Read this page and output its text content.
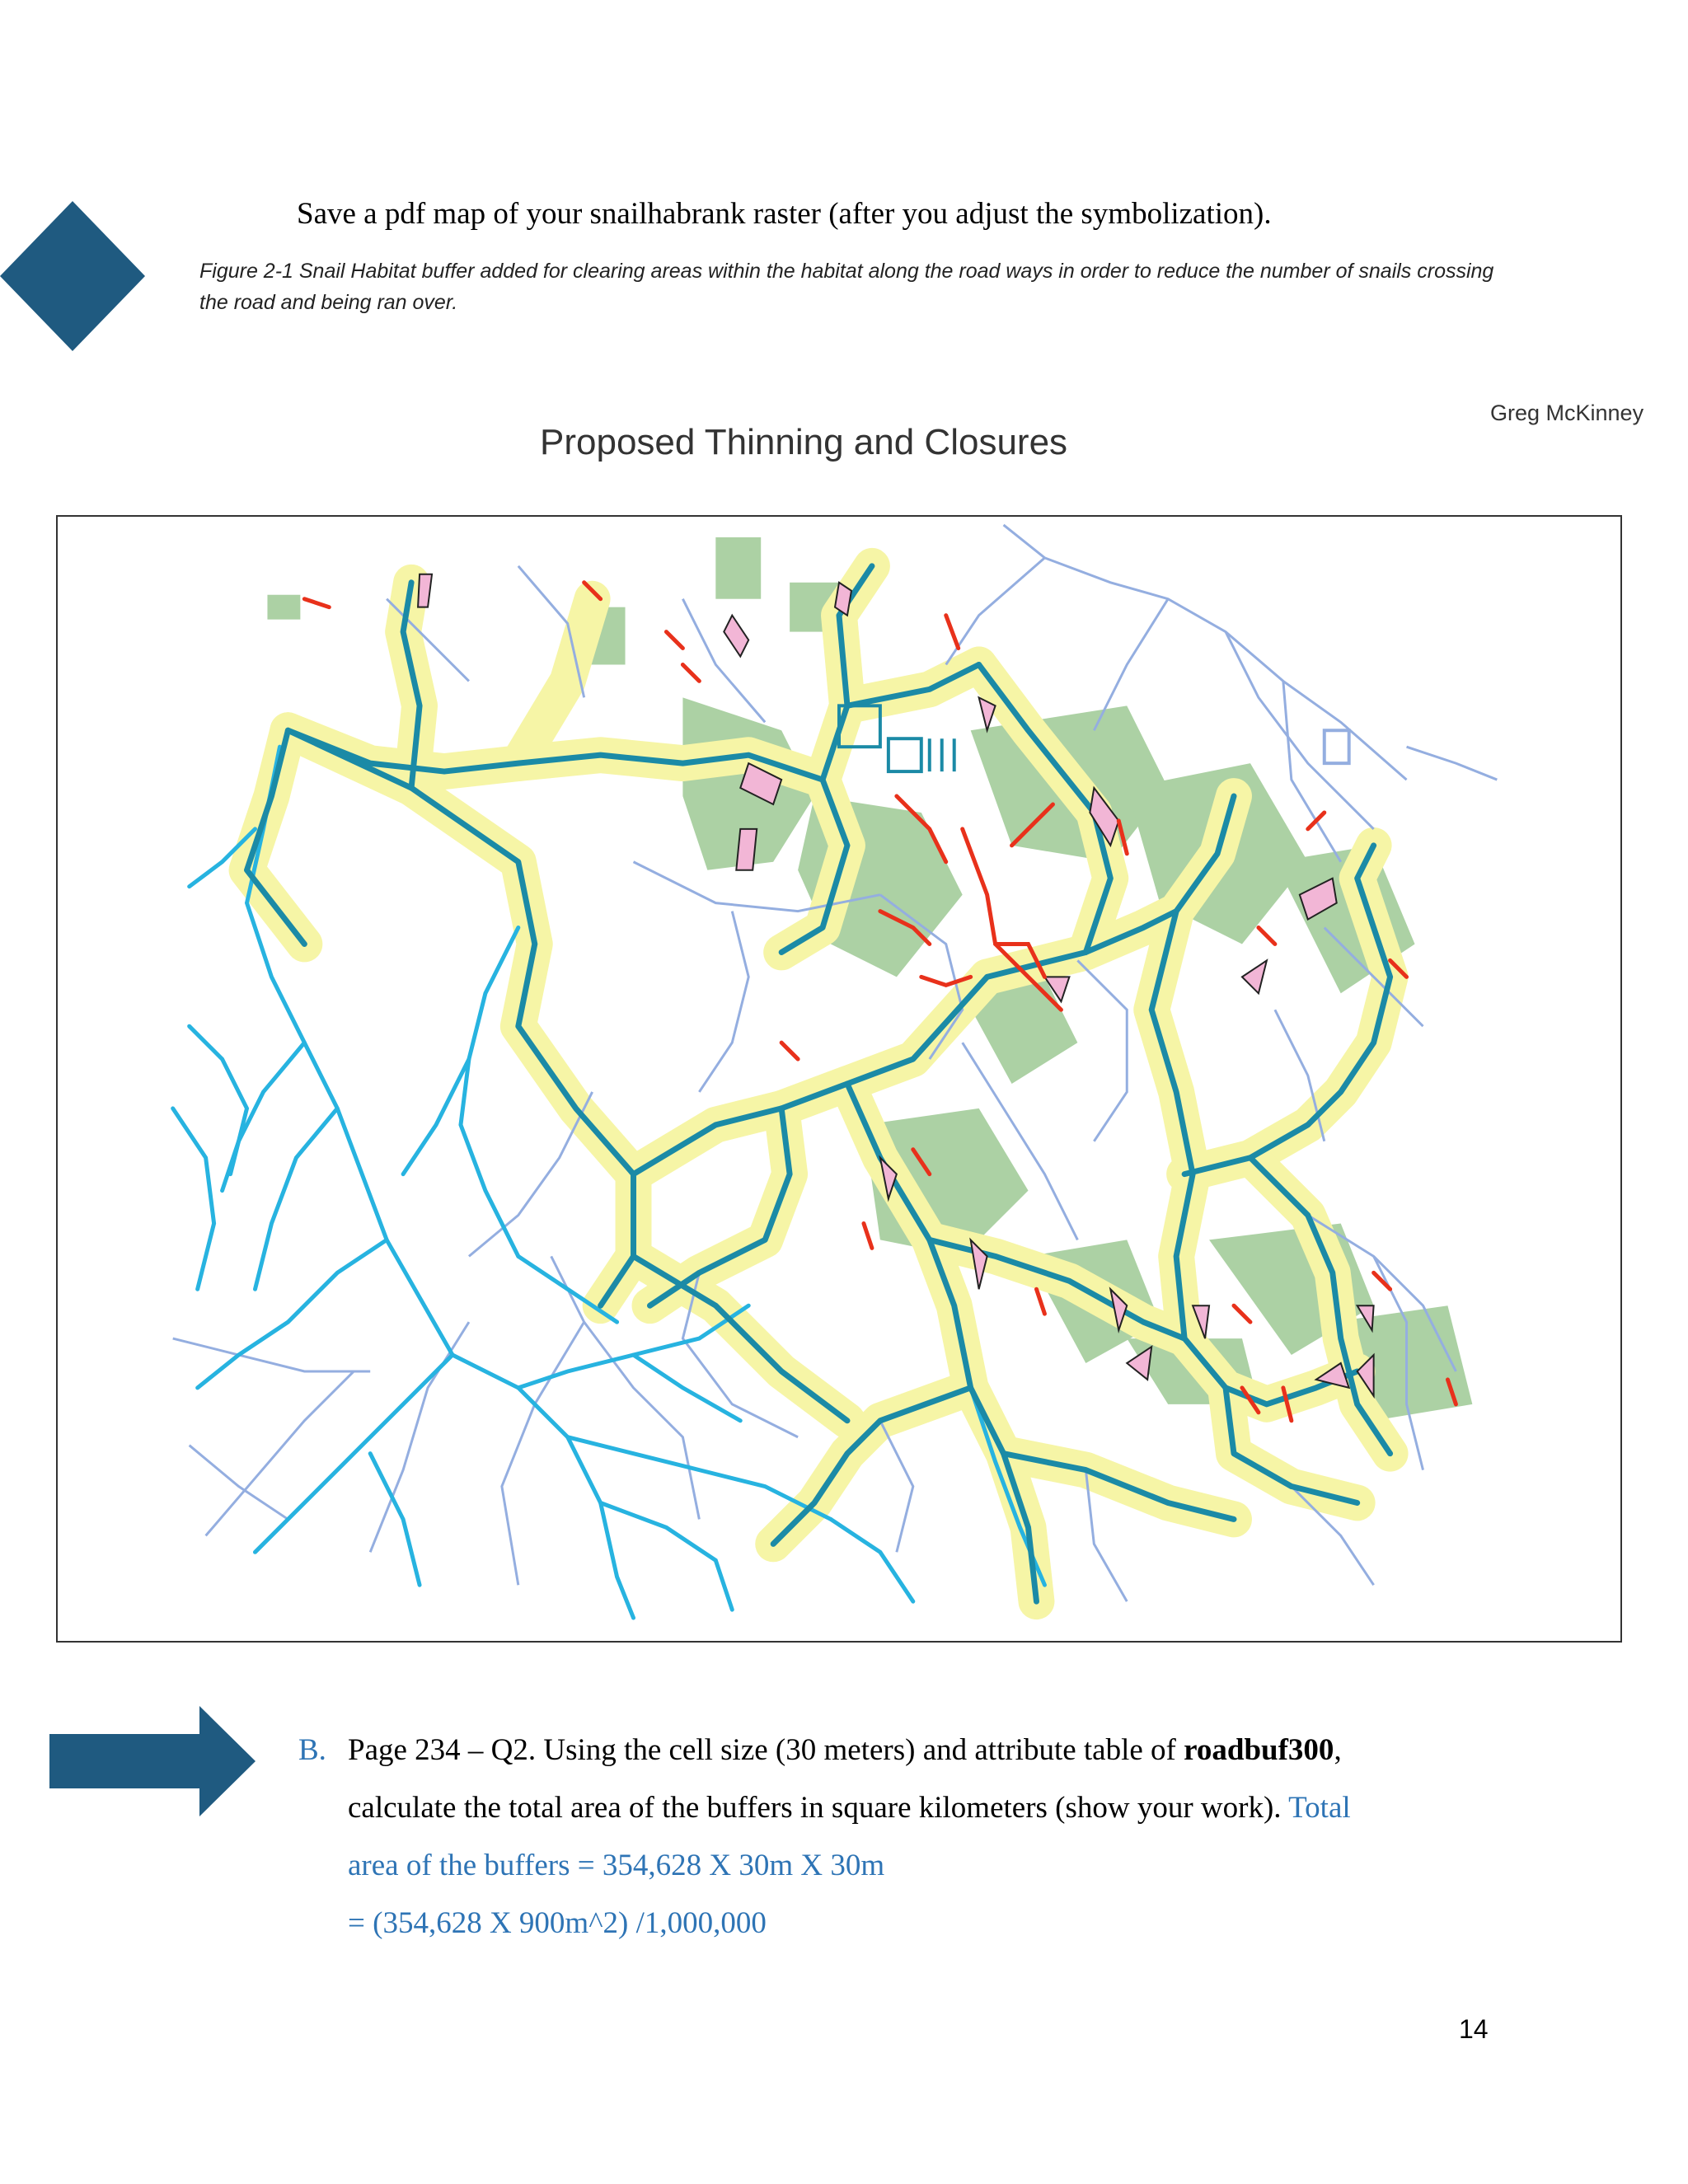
Save a pdf map of your snailhabrank raster (after you adjust the symbolization).
Figure 2-1 Snail Habitat buffer added for clearing areas within the habitat along the road ways in order to reduce the number of snails crossing the road and being ran over.
Greg McKinney
Proposed Thinning and Closures
B. Page 234 – Q2. Using the cell size (30 meters) and attribute table of roadbuf300,
calculate the total area of the buffers in square kilometers (show your work). Total
area of the buffers = 354,628 X 30m X 30m
= (354,628 X 900m^2) /1,000,000
14
